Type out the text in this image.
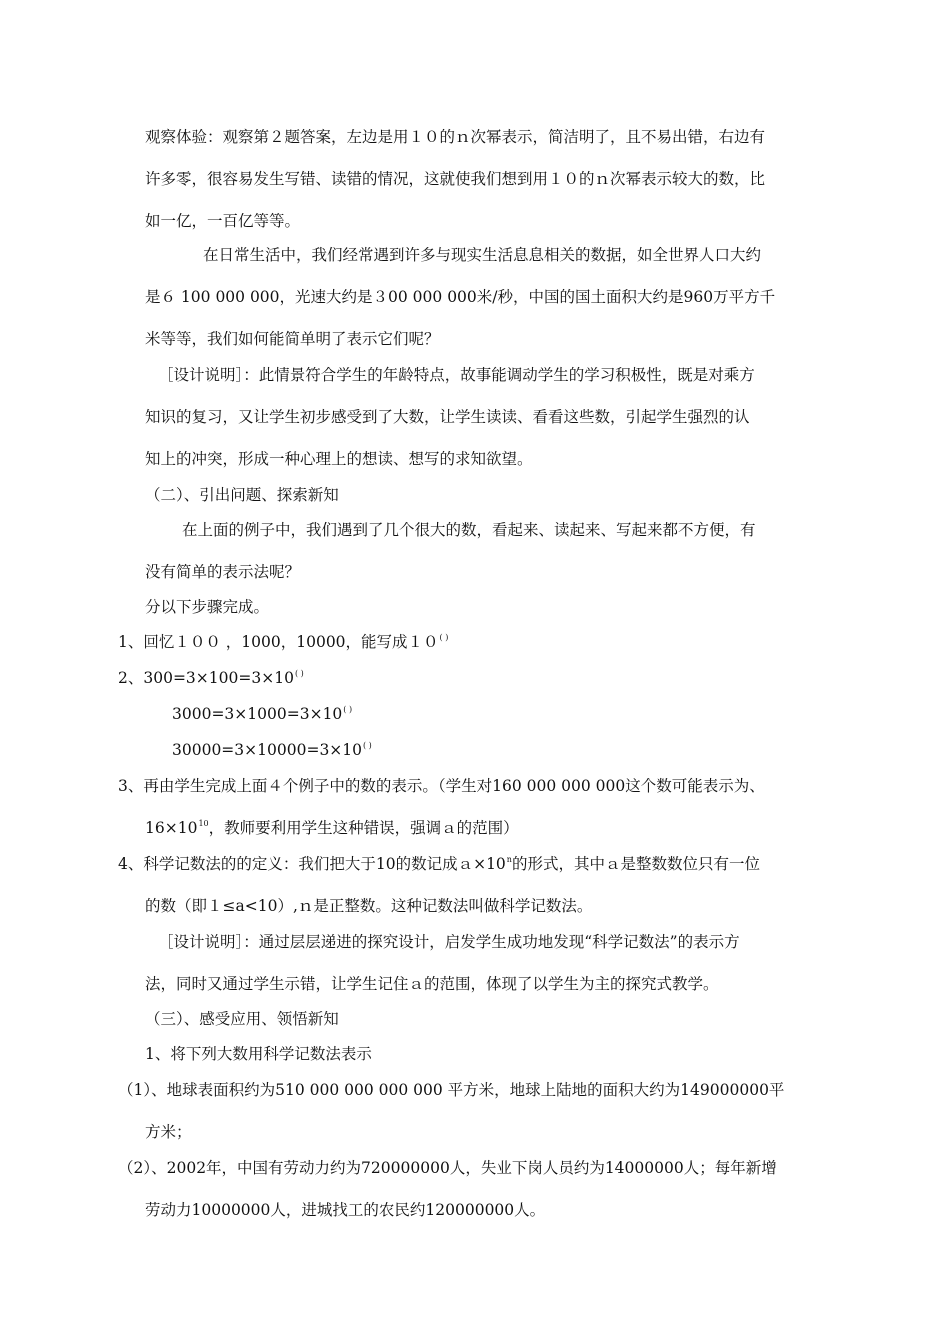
观察体验：观察第２题答案，左边是用１０的ｎ次幂表示，简洁明了，且不易出错，右边有
许多零，很容易发生写错、读错的情况，这就使我们想到用１０的ｎ次幂表示较大的数，比
如一亿，一百亿等等。
在日常生活中，我们经常遇到许多与现实生活息息相关的数据，如全世界人口大约
是６ 100 000 000，光速大约是３00 000 000米/秒，中国的国土面积大约是960万平方千
米等等，我们如何能简单明了表示它们呢？
［设计说明］：此情景符合学生的年龄特点，故事能调动学生的学习积极性，既是对乘方
知识的复习，又让学生初步感受到了大数，让学生读读、看看这些数，引起学生强烈的认
知上的冲突，形成一种心理上的想读、想写的求知欲望。
（二）、引出问题、探索新知
在上面的例子中，我们遇到了几个很大的数，看起来、读起来、写起来都不方便，有
没有简单的表示法呢？
分以下步骤完成。
1、回忆１００ ，1000，10000，能写成１０( )
2、300=3×100=3×10( )
3000=3×1000=3×10( )
30000=3×10000=3×10( )
3、再由学生完成上面４个例子中的数的表示。（学生对160 000 000 000这个数可能表示为、
$16\times 10^{10}$，教师要利用学生这种错误，强调ａ的范围）
4、科学记数法的的定义：我们把大于10的数记成$a\times 10^n$的形式，其中ａ是整数数位只有一位
的数（即１≤a<10）,ｎ是正整数。这种记数法叫做科学记数法。
［设计说明］：通过层层递进的探究设计，启发学生成功地发现“科学记数法”的表示方
法，同时又通过学生示错，让学生记住ａ的范围，体现了以学生为主的探究式教学。
（三）、感受应用、领悟新知
1、将下列大数用科学记数法表示
（1）、地球表面积约为510 000 000 000 000 平方米，地球上陆地的面积大约为149000000平
方米；
（2）、2002年，中国有劳动力约为720000000人，失业下岗人员约为14000000人；每年新增
劳动力10000000人，进城找工的农民约120000000人。
